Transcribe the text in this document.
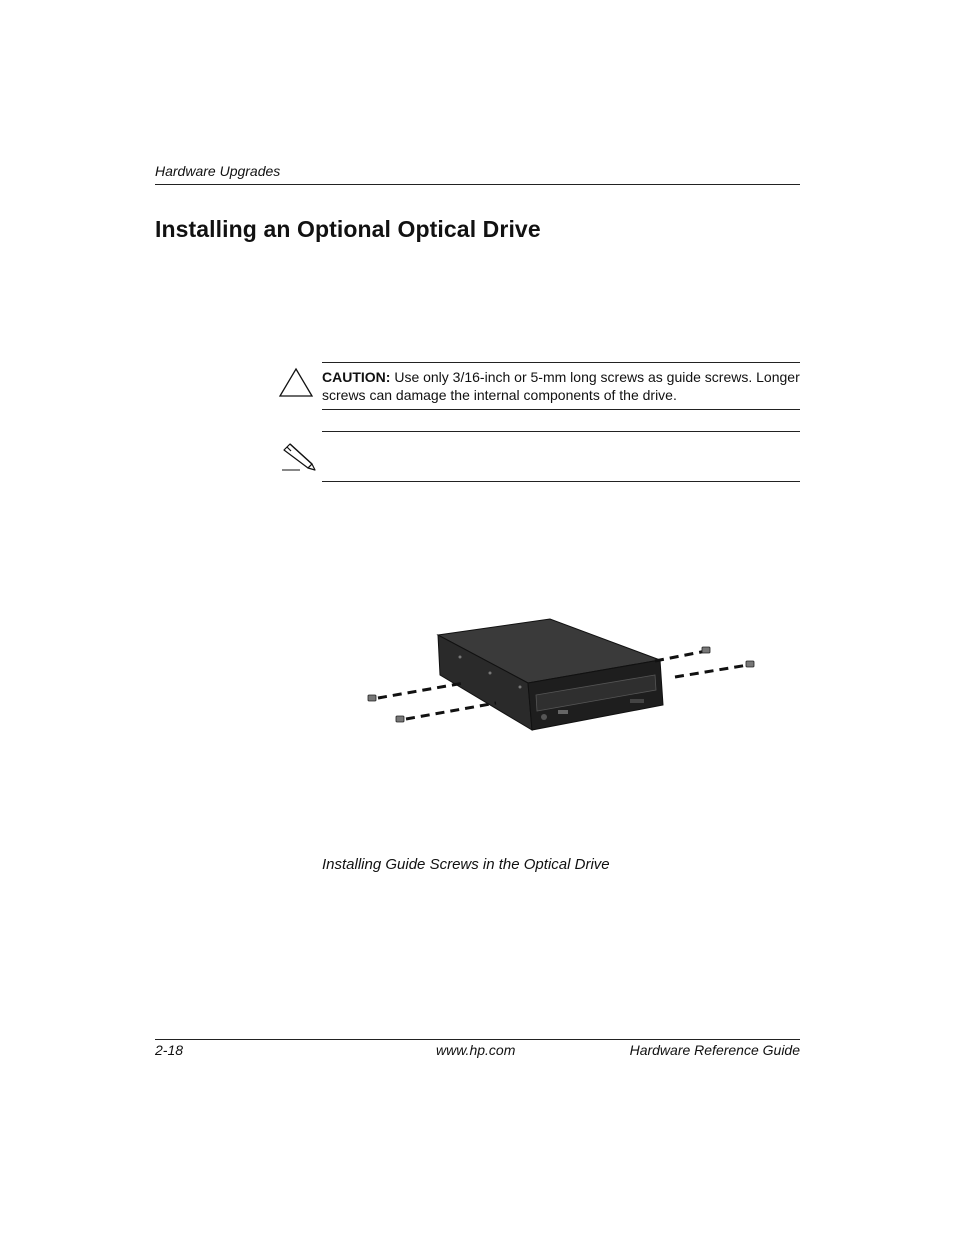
Hardware Upgrades
Installing an Optional Optical Drive
CAUTION: Use only 3/16-inch or 5-mm long screws as guide screws. Longer screws can damage the internal components of the drive.
Installing Guide Screws in the Optical Drive
2-18	www.hp.com	Hardware Reference Guide
